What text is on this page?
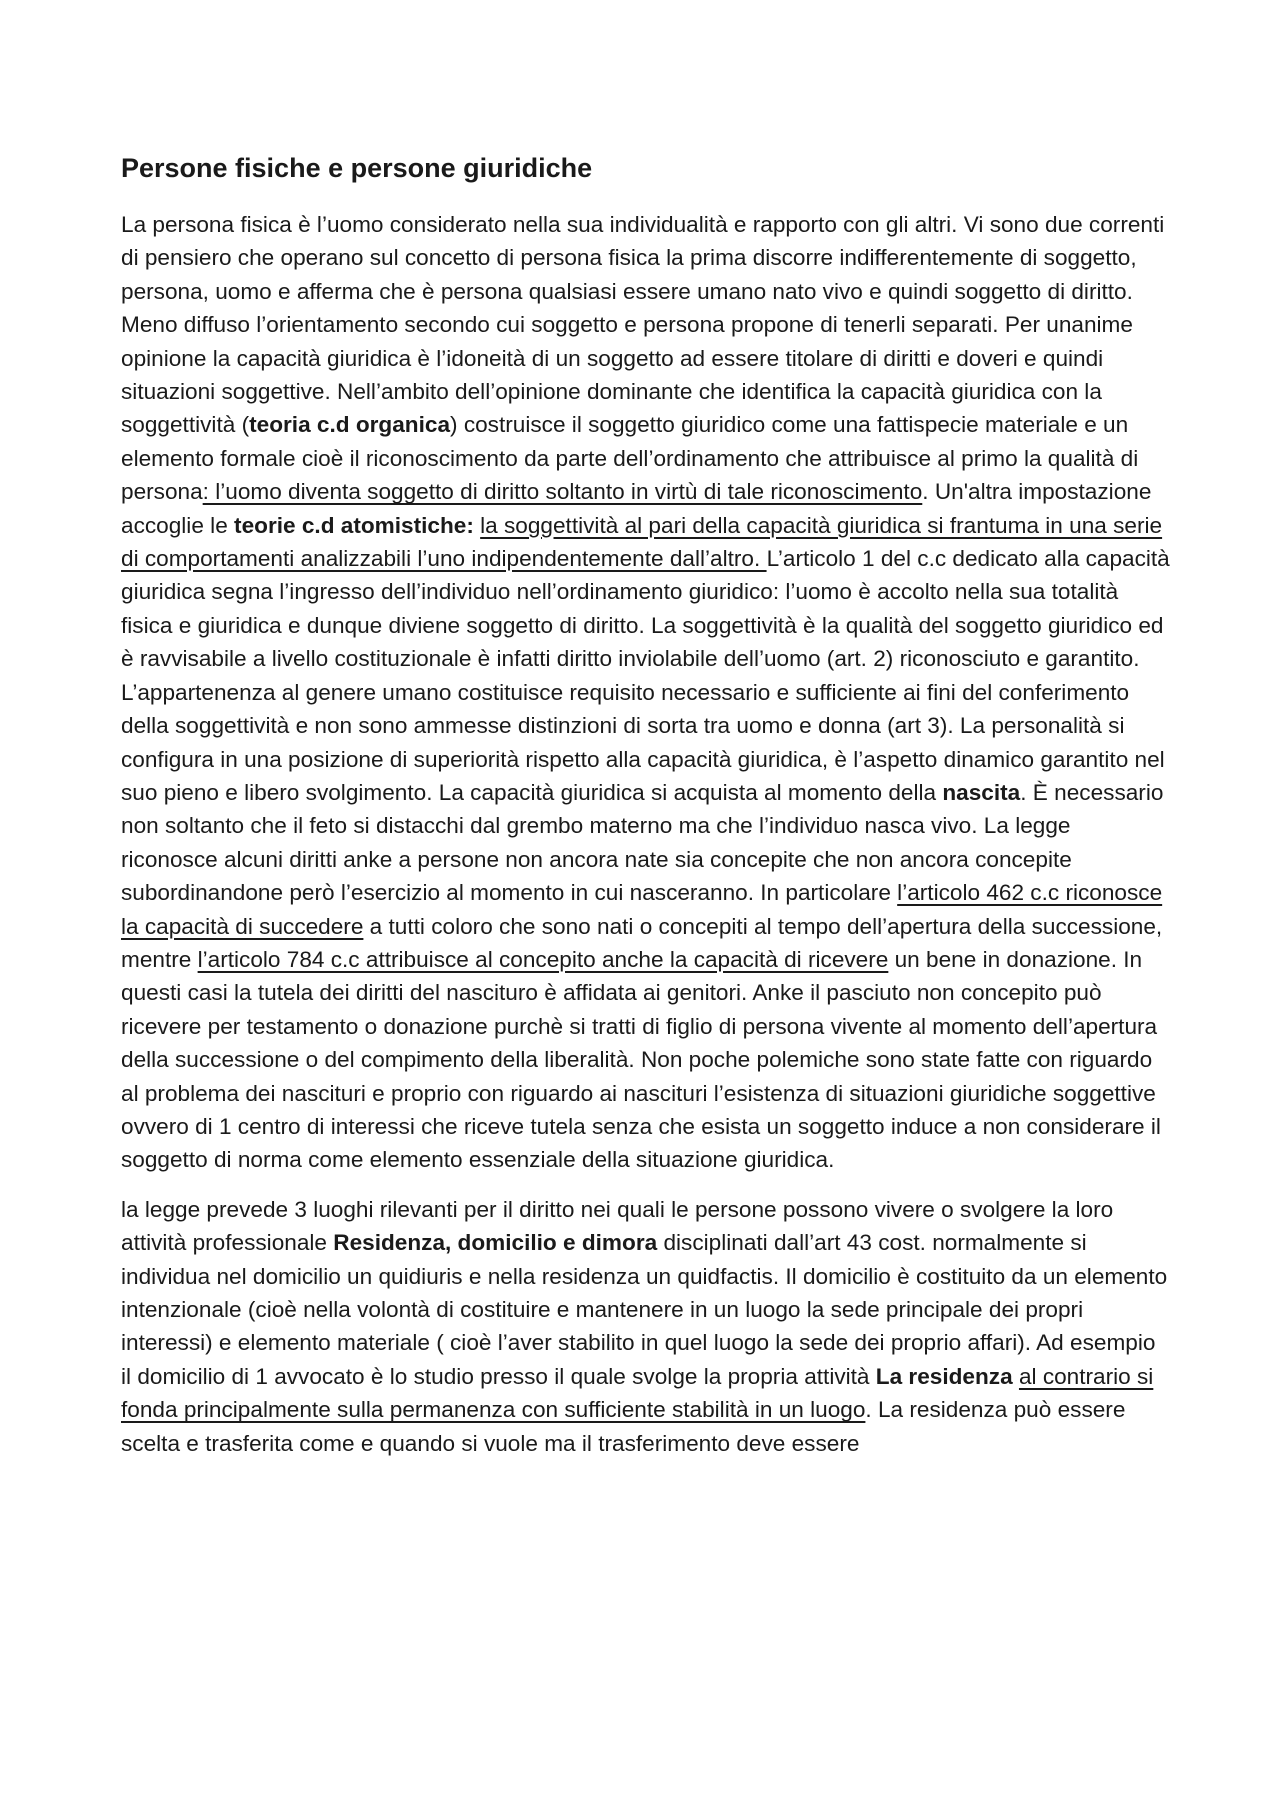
Persone fisiche e persone giuridiche

La persona fisica è l’uomo considerato nella sua individualità e rapporto con gli altri. Vi sono due correnti di pensiero che operano sul concetto di persona fisica la prima discorre indifferentemente di soggetto, persona, uomo e afferma che è persona qualsiasi essere umano nato vivo e quindi soggetto di diritto. Meno diffuso l’orientamento secondo cui soggetto e persona propone di tenerli separati. Per unanime opinione la capacità giuridica è l’idoneità di un soggetto ad essere titolare di diritti e doveri e quindi situazioni soggettive. Nell’ambito dell’opinione dominante che identifica la capacità giuridica con la soggettività (teoria c.d organica) costruisce il soggetto giuridico come una fattispecie materiale e un elemento formale cioè il riconoscimento da parte dell’ordinamento che attribuisce al primo la qualità di persona: l’uomo diventa soggetto di diritto soltanto in virtù di tale riconoscimento. Un'altra impostazione accoglie le teorie c.d atomistiche: la soggettività al pari della capacità giuridica si frantuma in una serie di comportamenti analizzabili l’uno indipendentemente dall’altro. L’articolo 1 del c.c dedicato alla capacità giuridica segna l’ingresso dell’individuo nell’ordinamento giuridico: l’uomo è accolto nella sua totalità fisica e giuridica e dunque diviene soggetto di diritto. La soggettività è la qualità del soggetto giuridico ed è ravvisabile a livello costituzionale è infatti diritto inviolabile dell’uomo (art. 2) riconosciuto e garantito. L’appartenenza al genere umano costituisce requisito necessario e sufficiente ai fini del conferimento della soggettività e non sono ammesse distinzioni di sorta tra uomo e donna (art 3). La personalità si configura in una posizione di superiorità rispetto alla capacità giuridica, è l’aspetto dinamico garantito nel suo pieno e libero svolgimento. La capacità giuridica si acquista al momento della nascita. È necessario non soltanto che il feto si distacchi dal grembo materno ma che l’individuo nasca vivo. La legge riconosce alcuni diritti anke a persone non ancora nate sia concepite che non ancora concepite subordinandone però l’esercizio al momento in cui nasceranno. In particolare l’articolo 462 c.c riconosce la capacità di succedere a tutti coloro che sono nati o concepiti al tempo dell’apertura della successione, mentre l’articolo 784 c.c attribuisce al concepito anche la capacità di ricevere un bene in donazione. In questi casi la tutela dei diritti del nascituro è affidata ai genitori. Anke il pasciuto non concepito può ricevere per testamento o donazione purchè si tratti di figlio di persona vivente al momento dell’apertura della successione o del compimento della liberalità. Non poche polemiche sono state fatte con riguardo al problema dei nascituri e proprio con riguardo ai nascituri l’esistenza di situazioni giuridiche soggettive ovvero di 1 centro di interessi che riceve tutela senza che esista un soggetto induce a non considerare il soggetto di norma come elemento essenziale della situazione giuridica.

la legge prevede 3 luoghi rilevanti per il diritto nei quali le persone possono vivere o svolgere la loro attività professionale Residenza, domicilio e dimora disciplinati dall’art 43 cost. normalmente si individua nel domicilio un quidiuris e nella residenza un quidfactis. Il domicilio è costituito da un elemento intenzionale (cioè nella volontà di costituire e mantenere in un luogo la sede principale dei propri interessi) e elemento materiale ( cioè l’aver stabilito in quel luogo la sede dei proprio affari). Ad esempio il domicilio di 1 avvocato è lo studio presso il quale svolge la propria attività La residenza al contrario si fonda principalmente sulla permanenza con sufficiente stabilità in un luogo. La residenza può essere scelta e trasferita come e quando si vuole ma il trasferimento deve essere
